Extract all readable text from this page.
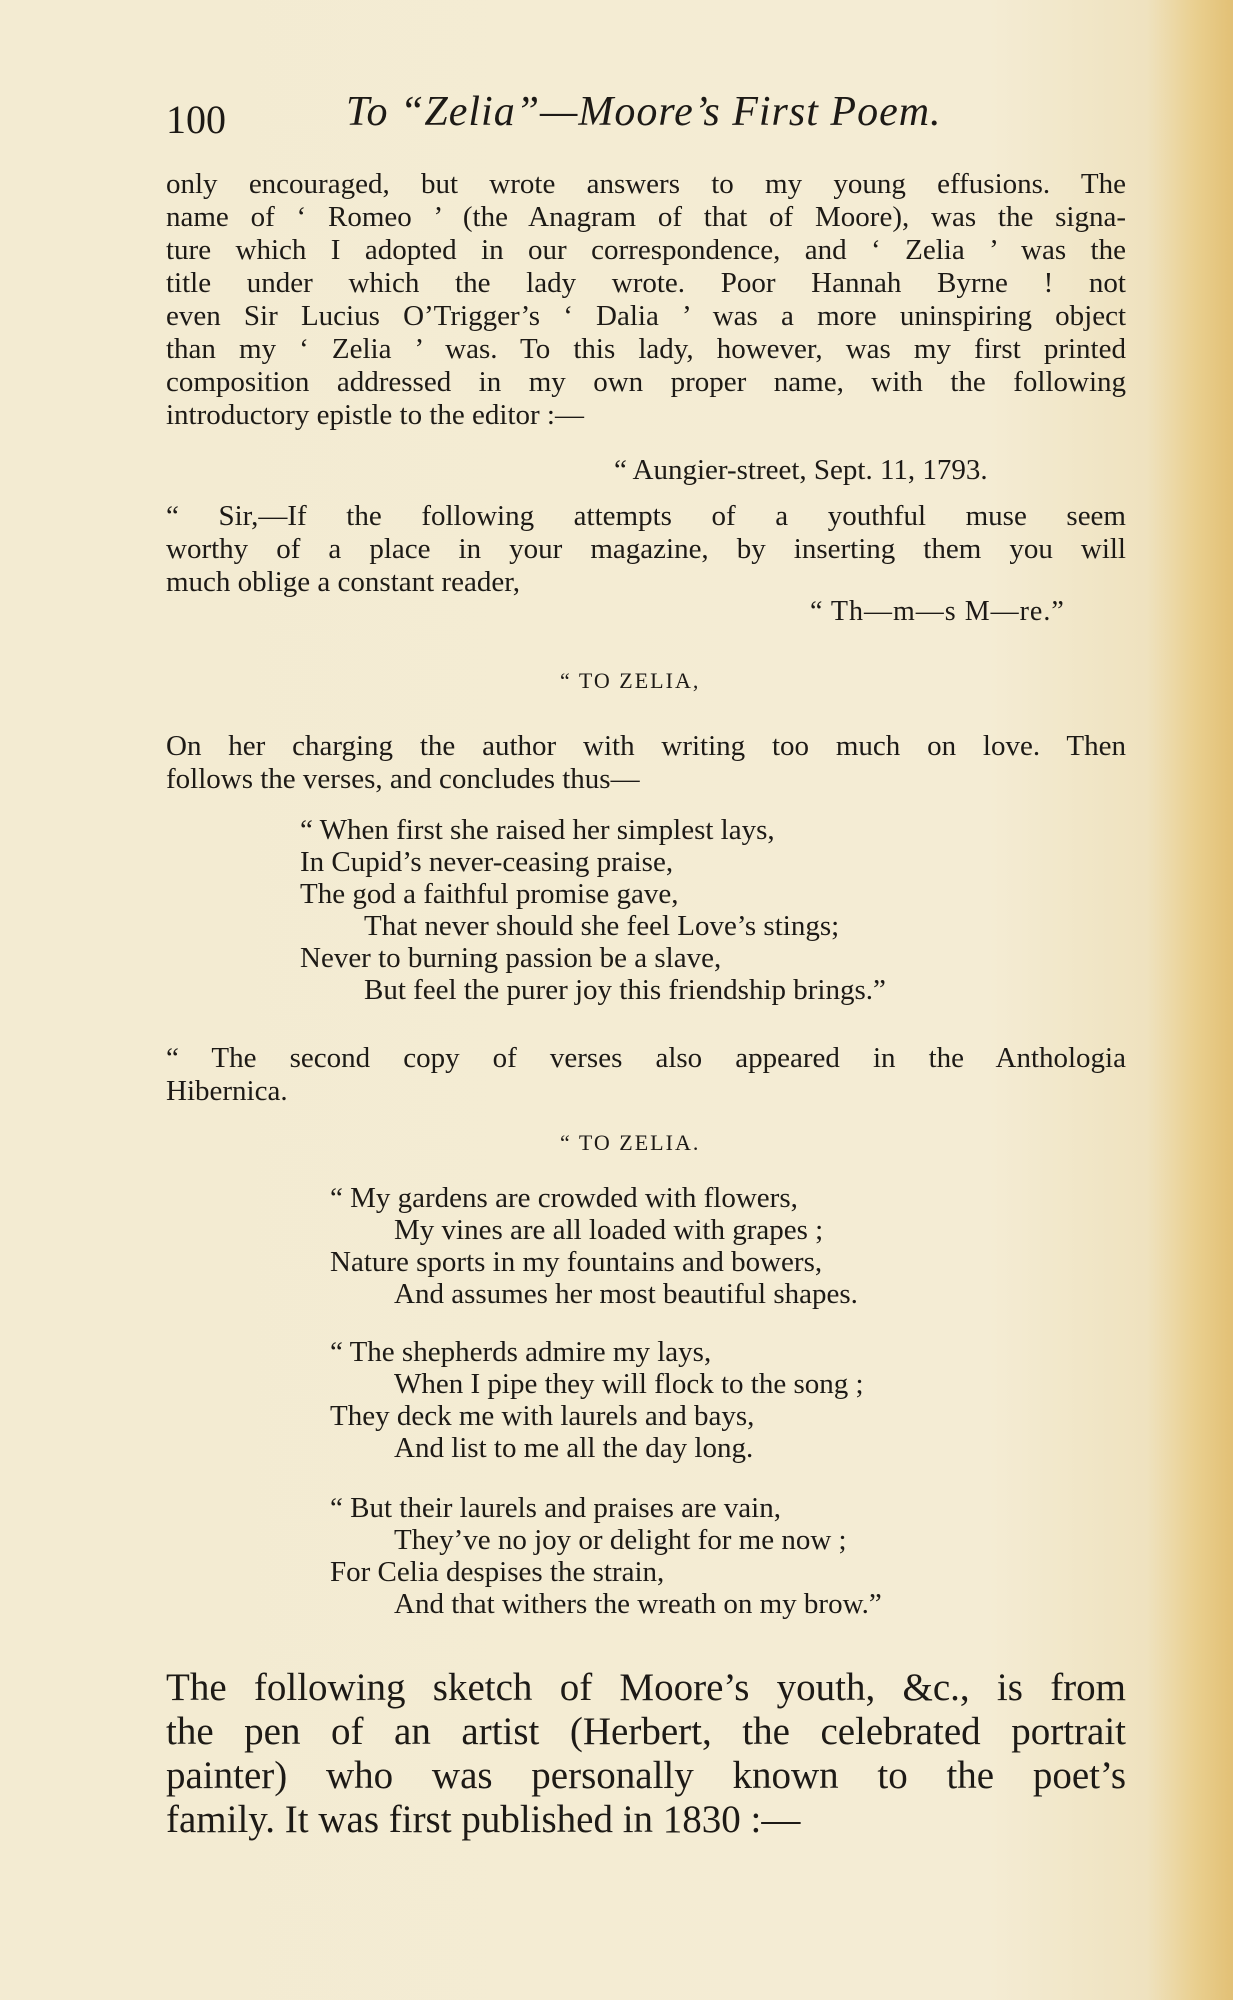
100	To “Zelia”—Moore’s First Poem.
only encouraged, but wrote answers to my young effusions. The
name of ‘ Romeo ’ (the Anagram of that of Moore), was the signa-
ture which I adopted in our correspondence, and ‘ Zelia ’ was the
title under which the lady wrote. Poor Hannah Byrne ! not
even Sir Lucius O’Trigger’s ‘ Dalia ’ was a more uninspiring object
than my ‘ Zelia ’ was. To this lady, however, was my first printed
composition addressed in my own proper name, with the following
introductory epistle to the editor :—
“ Aungier-street, Sept. 11, 1793.
“ Sir,—If the following attempts of a youthful muse seem
worthy of a place in your magazine, by inserting them you will
much oblige a constant reader,
“ Th—m—s M—re.”
“ TO ZELIA,
On her charging the author with writing too much on love. Then
follows the verses, and concludes thus—
“ When first she raised her simplest lays,
In Cupid’s never-ceasing praise,
The god a faithful promise gave,
That never should she feel Love’s stings;
Never to burning passion be a slave,
But feel the purer joy this friendship brings.”
“ The second copy of verses also appeared in the Anthologia
Hibernica.
“ TO ZELIA.
“ My gardens are crowded with flowers,
My vines are all loaded with grapes ;
Nature sports in my fountains and bowers,
And assumes her most beautiful shapes.
“ The shepherds admire my lays,
When I pipe they will flock to the song ;
They deck me with laurels and bays,
And list to me all the day long.
“ But their laurels and praises are vain,
They’ve no joy or delight for me now ;
For Celia despises the strain,
And that withers the wreath on my brow.”
The following sketch of Moore’s youth, &c., is from
the pen of an artist (Herbert, the celebrated portrait
painter) who was personally known to the poet’s
family. It was first published in 1830 :—
